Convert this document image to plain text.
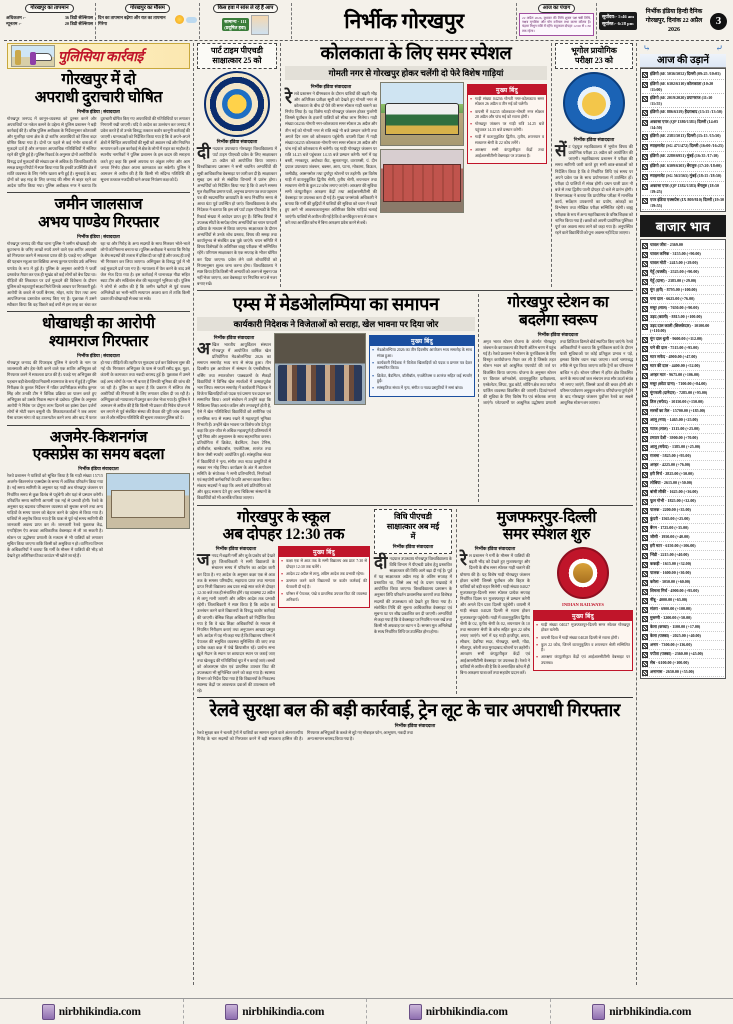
गोरखपुर का तापमान
अधिकतम :-	36 डिग्री सेल्सियस
न्यूनतम :-	20 डिग्री सेल्सियस
गोरखपुर का मौसम
दिन का तापमान बढ़ेगा और रात का तापमान गिरेगा
किस हवा में सांस ले रहे हैं आप
सामान्य - 111
(प्रदूषित हवा)	निर्भीक गोरखपुर
आज का पंचाग
22 अप्रैल 2026, बुधवार की तिथि शुक्ल पक्ष षष्ठी तिथि, नक्षत्र मृगशिरा और योग वरीयान तथा करण कौलव है। चंद्रमा मिथुन राशि में रहेंगे। राहुकाल दोपहर 12:00 से 1:30 तक रहेगा।
सूर्योदय:- 5:46 am
सूर्यास्त:- 6:28 pm
निर्भीक इंडिया हिन्दी दैनिक
गोरखपुर, दिनांक 22 अप्रैल 2026
3
पुलिसिया कार्रवाई
गोरखपुर में दो
अपराधी दुराचारी घोषित
निर्भीक इंडिया | संवाददाता
गोरखपुर जनपद में कानून-व्यवस्था को दुरुस्त करने और अपराधियों पर नकेल कसने के उद्देश्य से पुलिस प्रशासन ने बड़ी कार्रवाई की है। वरिष्ठ पुलिस अधीक्षक के निर्देशानुसार कोतवाली और गुलरिहा थाना क्षेत्र के दो शातिर अपराधियों को जिला बदर घोषित किया गया है। दोनों पर पहले से कई गंभीर धाराओं में मुकदमे दर्ज हैं और लगातार आपराधिक गतिविधियों में संलिप्त रहने की पुष्टि हुई है। पुलिस रिकार्ड के अनुसार दोनों आरोपियों के विरुद्ध दर्ज मुकदमों की संख्या दस से अधिक है। जिलाधिकारी के समक्ष प्रस्तुत रिपोर्ट में स्पष्ट किया गया कि इनकी उपस्थिति क्षेत्र में शांति व्यवस्था के लिए गंभीर खतरा बनी हुई है। सुनवाई के बाद दोनों को छह माह के लिए जनपद की सीमा से बाहर रहने का आदेश पारित किया गया। पुलिस अधीक्षक नगर ने बताया कि दुराचारी घोषित किए गए अपराधियों की गतिविधियों पर लगातार निगरानी रखी जाएगी। यदि वे आदेश का उल्लंघन कर जनपद में प्रवेश करते हैं तो उनके विरुद्ध तत्काल कठोर कानूनी कार्रवाई की जाएगी। थानाध्यक्षों को निर्देशित किया गया है कि वे अपने-अपने क्षेत्रों में चिन्हित अपराधियों की सूची को अद्यतन रखें और नियमित सत्यापन करें। इस कार्रवाई से क्षेत्र के लोगों में राहत का माहौल है। स्थानीय नागरिकों ने पुलिस प्रशासन के इस कदम की सराहना करते हुए कहा कि इससे अपराध पर अंकुश लगेगा और आम जनता निर्भय होकर अपना कामकाज कर सकेगी। पुलिस ने आमजन से अपील की है कि किसी भी संदिग्ध गतिविधि की सूचना तत्काल नजदीकी थाने अथवा नियंत्रण कक्ष को दें।
जमीन जालसाज
अभय पाण्डेय गिरफ्तार
निर्भीक इंडिया | संवाददाता
गोरखपुर जनपद की गीडा थाना पुलिस ने जमीन धोखाधड़ी और कूटरचना के जरिए लाखों रुपये ठगने वाले एक शातिर अपराधी को गिरफ्तार करने में सफलता प्राप्त की है। पकड़े गए अभियुक्त की पहचान महुआ पार बिछिया अभय कुमार पाण्डेय उर्फ अभिनव पाण्डेय के रूप में हुई है। पुलिस के अनुसार आरोपी ने फर्जी दस्तावेज तैयार कर एक ही भूखंड को कई लोगों को बेच दिया था। पीड़ितों की शिकायत पर दर्ज मुकदमे की विवेचना के दौरान पुलिस को महत्वपूर्ण साक्ष्य मिले जिनके आधार पर गिरफ्तारी हुई। आरोपी के कब्जे से फर्जी बैनामा, मोहर, स्टांप पेपर तथा अन्य आपत्तिजनक दस्तावेज बरामद किए गए हैं। पूछताछ में उसने स्वीकार किया कि वह पिछले कई वर्षों से इस तरह का धंधा कर रहा था और गिरोह के अन्य सदस्यों के साथ मिलकर भोले-भाले लोगों को निशाना बनाता था। पुलिस अधीक्षक ने बताया कि गिरोह के शेष सदस्यों की तलाश में दबिश दी जा रही है और जल्द ही उन्हें भी गिरफ्तार कर लिया जाएगा। अभियुक्त के विरुद्ध पूर्व में भी कई मुकदमे दर्ज पाए गए हैं। न्यायालय में पेश करने के बाद उसे जेल भेज दिया गया है। इस कार्रवाई में थानाध्यक्ष गीडा सहित स्वाट टीम और सर्विलांस सेल की महत्वपूर्ण भूमिका रही। पुलिस ने लोगों से अपील की है कि जमीन खरीदने से पूर्व राजस्व अभिलेखों का भली-भांति सत्यापन अवश्य करा लें ताकि किसी प्रकार की धोखाधड़ी से बचा जा सके।
धोखाधड़ी का आरोपी
श्यामराज गिरफ्तार
निर्भीक इंडिया | संवाददाता
गोरखपुर जनपद की पिपराइच पुलिस ने कंपनी के नाम पर जालसाजी और हेरा-फेरी करने वाले एक शातिर अभियुक्त को गिरफ्तार करने में सफलता प्राप्त की है। पकड़े गए अभियुक्त की पहचान बड़ी बेलतहिया निवासी श्यामराज के रूप में हुई है। पुलिस निरीक्षक के कुशल निर्देशन में गठित उपनिरीक्षक संजीव कुमार सिंह और उनकी टीम ने विधिक प्रक्रिया का पालन करते हुए अभियुक्त को उसके निवास स्थान से दबोचा। पुलिस के अनुसार आरोपी ने निवेश पर दोगुना लाभ दिलाने का झांसा देकर दर्जनों लोगों से मोटी रकम वसूली थी। शिकायतकर्ताओं ने जब अपना पैसा वापस मांगा तो वह टालमटोल करने लगा और बाद में फरार हो गया। पीड़ितों की तहरीर पर मुकदमा दर्ज कर विवेचना शुरू की गई थी। गिरफ्तार अभियुक्त के पास से फर्जी रसीद बुक, मुहर, कंपनी के कागजात तथा नकदी बरामद हुई है। पूछताछ में उसने कई अन्य लोगों के नाम भी बताए हैं जिनकी भूमिका की जांच की जा रही है। पुलिस का कहना है कि प्रकरण में संलिप्त शेष आरोपियों की गिरफ्तारी के लिए लगातार दबिश दी जा रही है। अभियुक्त को न्यायालय में प्रस्तुत कर जेल भेजा गया है। पुलिस ने आमजन से अपील की है कि किसी भी प्रकार की निवेश योजना में धन लगाने से पूर्व संबंधित संस्था की वैधता की पूरी जांच अवश्य कर लें और संदिग्ध गतिविधि की सूचना तत्काल पुलिस को दें।
अजमेर-किशनगंज
एक्सप्रेस का समय बदला
निर्भीक इंडिया संवाददाता
रेलवे प्रशासन ने यात्रियों को सूचित किया है कि गाड़ी संख्या 15715 अजमेर-किशनगंज एक्सप्रेस के समय में आंशिक परिवर्तन किया गया है। नई समय सारिणी के अनुसार यह गाड़ी अब गोरखपुर जंक्शन पर निर्धारित समय से कुछ विलंब से पहुंचेगी और यहां से प्रस्थान करेगी। परिवर्तित समय सारिणी आगामी एक मई से प्रभावी होगी। रेलवे के अनुसार यह बदलाव परिचालन व्यवस्था को सुचारू बनाने तथा अन्य गाड़ियों के समय पालन को बेहतर करने के उद्देश्य से किया गया है। यात्रियों से अनुरोध किया गया है कि यात्रा से पूर्व नई समय सारिणी की जानकारी अवश्य प्राप्त कर लें। जानकारी रेलवे पूछताछ केंद्र, एनटीईएस ऐप अथवा आधिकारिक वेबसाइट से ली जा सकती है। स्टेशन पर उद्घोषणा प्रणाली के माध्यम से भी यात्रियों को लगातार सूचित किया जाएगा ताकि किसी को असुविधा न हो। वाणिज्य विभाग के अधिकारियों ने बताया कि गर्मी के मौसम में यात्रियों की भीड़ को देखते हुए अतिरिक्त टिकट काउंटर भी खोले जा रहे हैं।
पार्ट टाइम पीएचडी
साक्षात्कार 25 को
निर्भीक इंडिया संवाददाता
दीनदयाल उपाध्याय गोरखपुर विश्वविद्यालय में पार्ट टाइम पीएचडी प्रवेश के लिए साक्षात्कार 25 अप्रैल को आयोजित किया जाएगा। विश्वविद्यालय प्रशासन ने सभी चयनित अभ्यर्थियों की सूची आधिकारिक वेबसाइट पर जारी कर दी है। साक्षात्कार सुबह दस बजे से संबंधित विभागों में प्रारंभ होगा। अभ्यर्थियों को निर्देशित किया गया है कि वे अपने समस्त मूल शैक्षणिक प्रमाण पत्रों, अनुभव प्रमाण पत्र तथा पहचान पत्र की स्वप्रमाणित छायाप्रति के साथ निर्धारित समय से आधा घंटा पूर्व उपस्थित हो जाएं। विश्वविद्यालय के शोध निदेशक ने बताया कि इस वर्ष पार्ट टाइम पीएचडी के लिए रिकार्ड संख्या में आवेदन प्राप्त हुए हैं। विभिन्न विषयों में उपलब्ध सीटों के सापेक्ष योग्य अभ्यर्थियों का चयन पारदर्शी प्रक्रिया के माध्यम से किया जाएगा। साक्षात्कार के दौरान अभ्यर्थियों से उनके शोध प्रस्ताव, विषय की समझ तथा कार्यानुभव से संबंधित प्रश्न पूछे जाएंगे। चयन समिति में विषय विशेषज्ञों के अतिरिक्त बाह्य परीक्षक भी सम्मिलित रहेंगे। परिणाम साक्षात्कार के एक सप्ताह के भीतर घोषित कर दिया जाएगा। प्रवेश लेने वाले शोधार्थियों को नियमानुसार शुल्क जमा करना होगा। विश्वविद्यालय ने स्पष्ट किया है कि किसी भी अभ्यर्थी को अलग से सूचना पत्र नहीं भेजा जाएगा, अतः वेबसाइट पर नियमित रूप से नजर बनाए रखें।
कोलकाता के लिए समर स्पेशल
गोमती नगर से गोरखपुर होकर चलेंगी दो फेरे विशेष गाड़ियां
निर्भीक इंडिया संवाददाता
रेलवे प्रशासन ने ग्रीष्मकाल के दौरान यात्रियों की बढ़ती भीड़ और अतिरिक्त प्रतीक्षा सूची को देखते हुए गोमती नगर से कोलकाता के बीच दो फेरे की समर स्पेशल गाड़ी चलाने का निर्णय लिया है। यह विशेष गाड़ी गोरखपुर जंक्शन होकर गुजरेगी जिससे पूर्वांचल के हजारों यात्रियों को सीधा लाभ मिलेगा। गाड़ी संख्या 04236 गोमती नगर-कोलकाता समर स्पेशल 26 अप्रैल और तीन मई को गोमती नगर से रात्रि साढ़े नौ बजे प्रस्थान करेगी तथा अगले दिन शाम को कोलकाता पहुंचेगी। वापसी दिशा में गाड़ी संख्या 04235 कोलकाता-गोमती नगर समर स्पेशल 28 अप्रैल और पांच मई को कोलकाता से चलेगी। यह गाड़ी गोरखपुर जंक्शन पर रात्रि 14.25 बजे पहुंचकर 14.35 बजे प्रस्थान करेगी। मार्ग में यह बस्ती, मनकापुर, अयोध्या कैंट, सुलतानपुर, वाराणसी, पं. दीन दयाल उपाध्याय जंक्शन, बक्सर, आरा, पटना, मोकामा, किऊल, जसीडीह, आसनसोल तथा दुर्गापुर स्टेशनों पर ठहरेगी। इस विशेष गाड़ी में वातानुकूलित द्वितीय श्रेणी, तृतीय श्रेणी, शयनयान तथा साधारण श्रेणी के कुल 22 कोच लगाए जाएंगे। आरक्षण की सुविधा सभी कंप्यूटरीकृत आरक्षण केंद्रों तथा आईआरसीटीसी की वेबसाइट पर उपलब्ध करा दी गई है। मुख्य जनसंपर्क अधिकारी ने बताया कि गर्मी की छुट्टियों में यात्रियों की सुविधा को ध्यान में रखते हुए आगे भी आवश्यकतानुसार अतिरिक्त विशेष गाड़ियां चलाई जाएंगी। यात्रियों से अपील की गई है कि वे अनधिकृत रूप से यात्रा न करें तथा आरक्षित कोच में बिना आरक्षण प्रवेश करने से बचें।
मुख्य बिंदु
• गाड़ी संख्या 04236 गोमती नगर-कोलकाता समर स्पेशल 26 अप्रैल व तीन मई को चलेगी।
• वापसी में 04235 कोलकाता-गोमती नगर स्पेशल 28 अप्रैल और पांच मई को रवाना होगी।
• गोरखपुर जंक्शन पर गाड़ी रात्रि 14.25 बजे पहुंचकर 14.35 बजे प्रस्थान करेगी।
• गाड़ी में वातानुकूलित द्वितीय, तृतीय, शयनयान व साधारण श्रेणी के 22 कोच लगेंगे।
• आरक्षण सभी कंप्यूटरीकृत केंद्रों तथा आईआरसीटीसी वेबसाइट पर उपलब्ध है।
भूगोल प्रायोगिक
परीक्षा 23 को
निर्भीक इंडिया संवाददाता
सेंट एंड्रयूज महाविद्यालय में भूगोल विषय की प्रायोगिक परीक्षा 23 अप्रैल को आयोजित की जाएगी। महाविद्यालय प्रशासन ने परीक्षा की समय सारिणी जारी करते हुए सभी छात्र-छात्राओं को निर्देशित किया है कि वे निर्धारित तिथि एवं समय पर अपने प्रवेश पत्र के साथ प्रयोगशाला में उपस्थित हों। परीक्षा दो पालियों में संपन्न होगी। प्रथम पाली प्रातः नौ बजे से तथा द्वितीय पाली दोपहर दो बजे से प्रारंभ होगी। विभागाध्यक्ष ने बताया कि प्रायोगिक परीक्षा में मानचित्र कार्य, सर्वेक्षण उपकरणों का प्रयोग, आंकड़ों का विश्लेषण तथा मौखिक परीक्षा सम्मिलित रहेगी। बाह्य परीक्षक के रूप में अन्य महाविद्यालय के वरिष्ठ शिक्षक को नामित किया गया है। छात्रों को अपनी प्रायोगिक पुस्तिका पूर्ण कर अवश्य साथ लाने को कहा गया है। अनुपस्थित रहने वाले विद्यार्थियों को पुनः अवसर नहीं दिया जाएगा।
एम्स में मेडओलम्पिया का समापन
कार्यकारी निदेशक ने विजेताओं को सराहा, खेल भावना पर दिया जोर
निर्भीक इंडिया संवाददाता
अखिल भारतीय आयुर्विज्ञान संस्थान गोरखपुर में आयोजित वार्षिक खेल प्रतियोगिता मेडओलम्पिया 2026 का समापन समारोह भव्य रूप से संपन्न हुआ। तीन दिवसीय इस आयोजन में संस्थान के एमबीबीएस, नर्सिंग तथा स्नातकोत्तर पाठ्यक्रमों के सैकड़ों विद्यार्थियों ने विभिन्न खेल स्पर्धाओं में उत्साहपूर्वक भाग लिया। समापन समारोह में कार्यकारी निदेशक ने विजेता खिलाड़ियों को पदक एवं प्रमाण पत्र प्रदान कर सम्मानित किया। अपने संबोधन में उन्होंने कहा कि चिकित्सा शिक्षा अत्यंत कठिन और तनावपूर्ण होती है, ऐसे में खेल गतिविधियां विद्यार्थियों को शारीरिक एवं मानसिक रूप से स्वस्थ रखने में महत्वपूर्ण भूमिका निभाती हैं। उन्होंने खेल भावना पर विशेष जोर देते हुए कहा कि हार-जीत से अधिक महत्वपूर्ण है प्रतिस्पर्धा में पूरी निष्ठा और अनुशासन के साथ सहभागिता करना। प्रतियोगिता में क्रिकेट, बैडमिंटन, टेबल टेनिस, वॉलीबॉल, बास्केटबॉल, एथलेटिक्स, शतरंज तथा कैरम जैसी स्पर्धाएं आयोजित हुईं। सांस्कृतिक संध्या में विद्यार्थियों ने नृत्य, संगीत तथा नाट्य प्रस्तुतियों से सबका मन मोह लिया। कार्यक्रम के अंत में आयोजन समिति के संयोजक ने सभी प्रतिभागियों, निर्णायकों एवं सहयोगी कर्मचारियों के प्रति आभार व्यक्त किया। संकाय सदस्यों ने कहा कि अगले वर्ष प्रतियोगिता को और वृहद स्वरूप देते हुए अन्य चिकित्सा संस्थानों के विद्यार्थियों को भी आमंत्रित किया जाएगा।
मुख्य बिंदु
• मेडओलम्पिया 2026 का तीन दिवसीय आयोजन भव्य समारोह के साथ संपन्न हुआ।
• कार्यकारी निदेशक ने विजेता खिलाड़ियों को पदक व प्रमाण पत्र देकर सम्मानित किया।
• क्रिकेट, बैडमिंटन, वॉलीबॉल, एथलेटिक्स व शतरंज सहित कई स्पर्धाएं हुईं।
• सांस्कृतिक संध्या में नृत्य, संगीत व नाट्य प्रस्तुतियों ने समां बांधा।
गोरखपुर स्टेशन का
बदलेगा स्वरूप
निर्भीक इंडिया संवाददाता
अमृत भारत स्टेशन योजना के अंतर्गत गोरखपुर जंक्शन के कायाकल्प की तैयारी अंतिम चरण में पहुंच गई है। रेलवे प्रशासन ने स्टेशन के पुनर्विकास के लिए विस्तृत कार्ययोजना तैयार कर ली है जिसके तहत स्टेशन भवन को आधुनिक एयरपोर्ट की तर्ज पर विकसित किया जाएगा। योजना के अनुसार स्टेशन पर विशाल कॉनकोर्स, वातानुकूलित प्रतीक्षालय, एस्केलेटर, लिफ्ट, फूड कोर्ट, शॉपिंग क्षेत्र तथा पर्याप्त पार्किंग व्यवस्था विकसित की जाएगी। दिव्यांगजनों की सुविधा के लिए विशेष रैंप एवं संकेतक लगाए जाएंगे। प्लेटफार्मों पर आधुनिक उद्घोषणा प्रणाली तथा डिजिटल डिस्प्ले बोर्ड स्थापित किए जाएंगे। रेलवे अधिकारियों ने बताया कि पुनर्विकास कार्य के दौरान यात्री सुविधाओं पर कोई प्रतिकूल प्रभाव न पड़े, इसका विशेष ध्यान रखा जाएगा। कार्य चरणबद्ध तरीके से पूरा किया जाएगा ताकि ट्रेनों का परिचालन बाधित न हो। स्टेशन परिसर में हरित क्षेत्र विकसित करने के साथ वर्षा जल संचयन तथा सौर ऊर्जा संयंत्र भी लगाए जाएंगे, जिससे ऊर्जा की बचत होगी और परिसर पर्यावरण अनुकूल बनेगा। परियोजना पूर्ण होने के बाद गोरखपुर जंक्शन पूर्वोत्तर रेलवे का सबसे आधुनिक स्टेशन बन जाएगा।
गोरखपुर के स्कूल
अब दोपहर 12:30 तक
निर्भीक इंडिया संवाददाता
जनपद में बढ़ती गर्मी और लू के प्रकोप को देखते हुए जिलाधिकारी ने सभी विद्यालयों के संचालन समय में परिवर्तन का आदेश जारी कर दिया है। नए आदेश के अनुसार कक्षा एक से आठ तक के समस्त परिषदीय, सहायता प्राप्त तथा मान्यता प्राप्त निजी विद्यालय अब प्रातः साढ़े सात बजे से दोपहर 12:30 बजे तक ही संचालित होंगे। यह व्यवस्था 22 अप्रैल से लागू मानी जाएगी और अग्रिम आदेश तक प्रभावी रहेगी। जिलाधिकारी ने स्पष्ट किया है कि आदेश का उल्लंघन करने वाले विद्यालयों के विरुद्ध कठोर कार्रवाई की जाएगी। बेसिक शिक्षा अधिकारी को निर्देशित किया गया है कि वे खंड शिक्षा अधिकारियों के माध्यम से नियमित निरीक्षण कराएं तथा अनुपालन आख्या प्रस्तुत करें। आदेश में यह भी कहा गया है कि विद्यालय परिसर में पेयजल की समुचित व्यवस्था सुनिश्चित की जाए तथा प्रत्येक कक्षा कक्ष में पंखे क्रियाशील रहें। प्रार्थना सभा खुले मैदान के स्थान पर छायादार स्थान पर कराई जाए तथा खेलकूद की गतिविधियां धूप में न कराई जाएं। बच्चों को ओआरएस घोल एवं प्राथमिक उपचार किट की उपलब्धता भी सुनिश्चित करने को कहा गया है। स्वास्थ्य विभाग को निर्देश दिया गया है कि विद्यालयों के निकटस्थ स्वास्थ्य केंद्रों पर आवश्यक दवाओं की उपलब्धता बनी रहे।
मुख्य बिंदु
• कक्षा एक से आठ तक के सभी विद्यालय अब प्रातः 7:30 से दोपहर 12:30 तक चलेंगे।
• आदेश 22 अप्रैल से लागू, अग्रिम आदेश तक प्रभावी रहेगा।
• उल्लंघन करने वाले विद्यालयों पर कठोर कार्रवाई की चेतावनी दी गई है।
• परिसर में पेयजल, पंखे व प्राथमिक उपचार किट की व्यवस्था अनिवार्य।
विधि पीएचडी
साक्षात्कार अब मई
में
निर्भीक इंडिया संवाददाता
दीनदयाल उपाध्याय गोरखपुर विश्वविद्यालय के विधि विभाग में पीएचडी प्रवेश हेतु प्रस्तावित साक्षात्कार की तिथि आगे बढ़ा दी गई है। पूर्व में यह साक्षात्कार अप्रैल माह के अंतिम सप्ताह में प्रस्तावित था, जिसे अब मई के प्रथम पखवाड़े में आयोजित किया जाएगा। विश्वविद्यालय प्रशासन के अनुसार तिथि परिवर्तन प्रशासनिक कारणों तथा विशेषज्ञ सदस्यों की उपलब्धता को देखते हुए किया गया है। संशोधित तिथि की सूचना आधिकारिक वेबसाइट एवं सूचना पट पर शीघ्र प्रकाशित कर दी जाएगी। अभ्यर्थियों से कहा गया है कि वे वेबसाइट पर नियमित नजर रखें तथा किसी भी अफवाह पर ध्यान न दें। समस्त मूल अभिलेखों के साथ निर्धारित तिथि पर उपस्थित होना होगा।
मुजफ्फरपुर-दिल्ली
समर स्पेशल शुरु
निर्भीक इंडिया संवाददाता
रेल प्रशासन ने गर्मी के मौसम में यात्रियों की बढ़ती भीड़ को देखते हुए मुजफ्फरपुर और दिल्ली के बीच समर स्पेशल गाड़ी चलाने की घोषणा की है। यह विशेष गाड़ी गोरखपुर जंक्शन होकर चलेगी जिससे पूर्वांचल और बिहार के यात्रियों को बड़ी राहत मिलेगी। गाड़ी संख्या 04027 मुजफ्फरपुर-दिल्ली समर स्पेशल प्रत्येक सप्ताह निर्धारित दिवस पर मुजफ्फरपुर से प्रस्थान करेगी और अगले दिन प्रातः दिल्ली पहुंचेगी। वापसी में गाड़ी संख्या 04028 दिल्ली से रवाना होकर मुजफ्फरपुर पहुंचेगी। गाड़ी में वातानुकूलित द्वितीय श्रेणी के 02, तृतीय श्रेणी के 02, शयनयान के 10 तथा साधारण श्रेणी के कोच सहित कुल 22 कोच लगाए जाएंगे। मार्ग में यह गाड़ी हाजीपुर, छपरा, सीवान, देवरिया सदर, गोरखपुर, बस्ती, गोंडा, सीतापुर, बरेली तथा मुरादाबाद स्टेशनों पर ठहरेगी। आरक्षण सभी कंप्यूटरीकृत केंद्रों एवं आईआरसीटीसी वेबसाइट पर उपलब्ध है। रेलवे ने यात्रियों से अपील की है कि वे अनारक्षित कोच में ही बिना आरक्षण यात्रा करें तथा सहयोग प्रदान करें।
INDIAN RAILWAYS
मुख्य बिंदु
• गाड़ी संख्या 04027 मुजफ्फरपुर-दिल्ली समर स्पेशल गोरखपुर होकर चलेगी।
• वापसी दिशा में गाड़ी संख्या 04028 दिल्ली से रवाना होगी।
• कुल 22 कोच, जिनमें वातानुकूलित व शयनयान श्रेणी सम्मिलित हैं।
• आरक्षण कंप्यूटरीकृत केंद्रों एवं आईआरसीटीसी वेबसाइट पर उपलब्ध।
रेलवे सुरक्षा बल की बड़ी कार्रवाई, ट्रेन लूट के चार अपराधी गिरफ्तार
निर्भीक इंडिया संवाददाता
रेलवे सुरक्षा बल ने चलती ट्रेनों में यात्रियों का सामान लूटने वाले अंतरराज्यीय गिरोह के चार सदस्यों को गिरफ्तार करने में बड़ी सफलता हासिल की है। गिरफ्तार अभियुक्तों के कब्जे से लूटे गए मोबाइल फोन, आभूषण, नकदी तथा अन्य सामान बरामद किया गया है।
⤷	⤶
आज की उड़ानें
इंडिगो (6E 5036/5052) दिल्ली (09:25 /10:05)
इंडिगो (6E 6302/6310) कोलकाता (10:20 /11:00)
इंडिगो (6E 2019/2020) प्रयागराज (11:10 /11:55)
इंडिगो (6E 886/6319) हैदराबाद (13:15 /13:50)
अकासा एयर (QP 1380/1381) दिल्ली (14:05 /14:50)
इंडिगो (6E 2381/5013) दिल्ली (15:15 /15:50)
स्पाइसजेट (SG 471/472) दिल्ली (16:00 /16:25)
इंडिगो (6E 2280/6951) मुंबई (16:35 /17:10)
इंडिगो (6E 6309/6303) बेंगलुरु (17:20 /18:00)
स्पाइसजेट (SG 563/565) मुंबई (18:15 /18:50)
अकासा एयर (QP 1382/1383) बेंगलुरु (18:50 /19:25)
एयर इंडिया एक्सप्रेस (IX 809/810) दिल्ली (19:30 /19:55)
बाजार भाव
चावल जीरा - 2369.00
चावल कनिक - 3155.00 (+90.00)
चावल मोटी - 2415.00 (+29.00)
गेहूँ (चक्की) - 2525.00 (+90.00)
गेहूँ (दाना) - 2385.00 (+29.00)
मूंग (हरी) - 8795.00 (+100.00)
चना दाल - 6625.00 (+76.00)
मसूर (लाल) - 7650.00 (+90.00)
उड़द (काली) - 8815.00 (+100.00)
उड़द दाल काली (छिलकेदार) - 10100.00 (+110.00)
मूंग दाल धुली - 9600.00 (+112.00)
चने की दाल - 7515.00 (+95.00)
मटर सफेद - 4900.00 (+47.00)
मटर की दाल - 4400.00 (+52.00)
अरहर मटर - 9675.00 (+106.00)
मसूर (छोटा दाना) - 7100.00 (+84.00)
मूंगफली (दानेदार) - 7285.00 (+95.00)
तिल (सफेद) - 10150.00 (+150.00)
सरसों का तेल - 15700.00 (+185.00)
आलू (नया) - 1465.00 (+25.00)
प्याज (लाल) - 1315.00 (+25.00)
टमाटर देशी - 3900.00 (+70.00)
आलू (सफेद) - 1385.00 (+25.00)
राजमा - 5825.00 (+95.00)
अरहर - 4225.00 (+76.00)
हरी मिर्च - 2825.00 (+50.00)
लोबिया - 2615.00 (+50.00)
बांसी लौकी - 1625.00 (+36.00)
फूल गोभी - 1825.00 (+32.00)
पालक - 2200.00 (+35.00)
कुंदरी - 1565.00 (+25.00)
बैंगन - 1725.00 (+35.00)
जौसी - 1950.00 (+40.00)
हरी मटर - 6150.00 (+106.00)
भिंडी - 2215.00 (+40.00)
ककड़ी - 1615.00 (+32.00)
पालक - 1600.00 (+30.00)
करेला - 3050.00 (+60.00)
शिमला मिर्च - 4900.00 (+95.00)
नींबू - 4000.00 (+65.00)
संतरा - 6900.00 (+100.00)
मुसम्मी - 3200.00 (+50.00)
केला (कच्चा) - 1100.00 (+17.00)
केला (पक्का) - 2025.00 (+40.00)
अनार - 7300.00 (+136.00)
पपीता (पक्का) - 2360.00 (+45.00)
सेब - 6100.00 (+100.00)
अनानास - 2650.00 (+55.00)
nirbhikindia.com	nirbhikindia.com	nirbhikindia.com	nirbhikindia.com
